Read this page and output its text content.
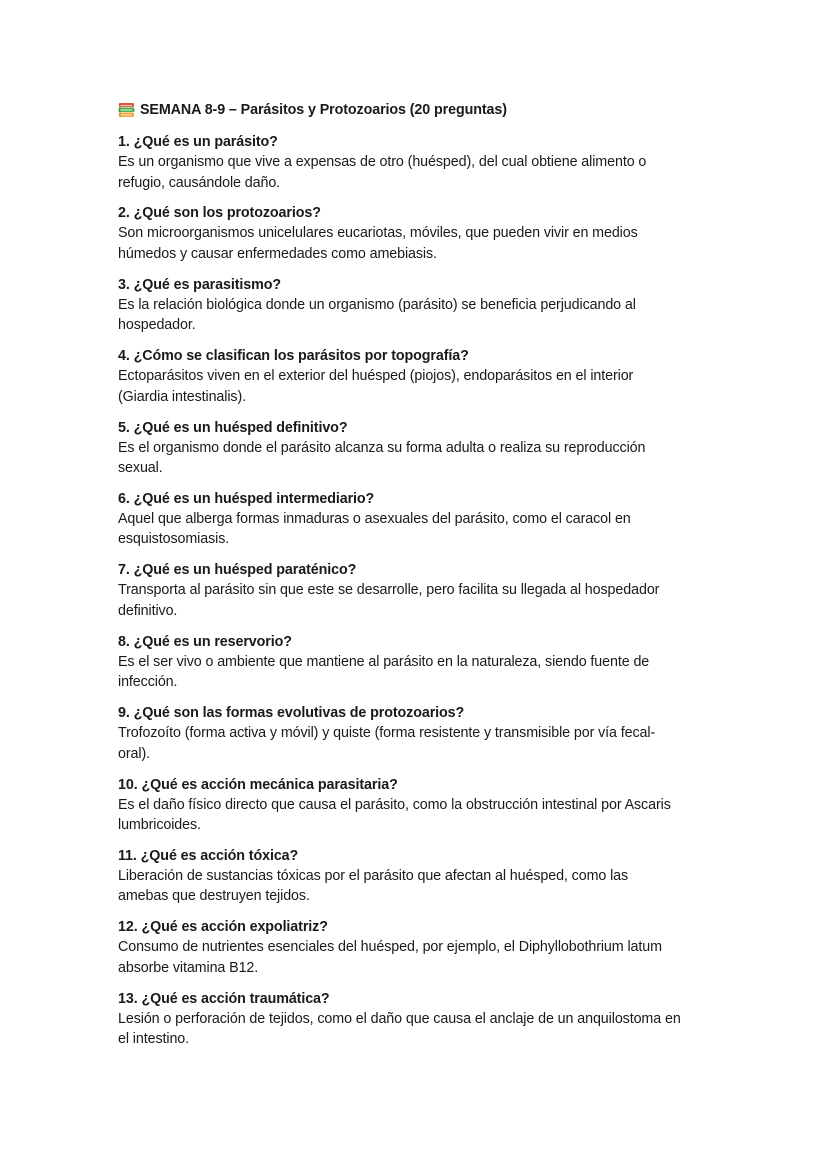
SEMANA 8-9 – Parásitos y Protozoarios (20 preguntas)
1. ¿Qué es un parásito?
Es un organismo que vive a expensas de otro (huésped), del cual obtiene alimento o
refugio, causándole daño.
2. ¿Qué son los protozoarios?
Son microorganismos unicelulares eucariotas, móviles, que pueden vivir en medios
húmedos y causar enfermedades como amebiasis.
3. ¿Qué es parasitismo?
Es la relación biológica donde un organismo (parásito) se beneficia perjudicando al
hospedador.
4. ¿Cómo se clasifican los parásitos por topografía?
Ectoparásitos viven en el exterior del huésped (piojos), endoparásitos en el interior
(Giardia intestinalis).
5. ¿Qué es un huésped definitivo?
Es el organismo donde el parásito alcanza su forma adulta o realiza su reproducción
sexual.
6. ¿Qué es un huésped intermediario?
Aquel que alberga formas inmaduras o asexuales del parásito, como el caracol en
esquistosomiasis.
7. ¿Qué es un huésped paraténico?
Transporta al parásito sin que este se desarrolle, pero facilita su llegada al hospedador
definitivo.
8. ¿Qué es un reservorio?
Es el ser vivo o ambiente que mantiene al parásito en la naturaleza, siendo fuente de
infección.
9. ¿Qué son las formas evolutivas de protozoarios?
Trofozoíto (forma activa y móvil) y quiste (forma resistente y transmisible por vía fecal-
oral).
10. ¿Qué es acción mecánica parasitaria?
Es el daño físico directo que causa el parásito, como la obstrucción intestinal por Ascaris
lumbricoides.
11. ¿Qué es acción tóxica?
Liberación de sustancias tóxicas por el parásito que afectan al huésped, como las
amebas que destruyen tejidos.
12. ¿Qué es acción expoliatriz?
Consumo de nutrientes esenciales del huésped, por ejemplo, el Diphyllobothrium latum
absorbe vitamina B12.
13. ¿Qué es acción traumática?
Lesión o perforación de tejidos, como el daño que causa el anclaje de un anquilostoma en
el intestino.
